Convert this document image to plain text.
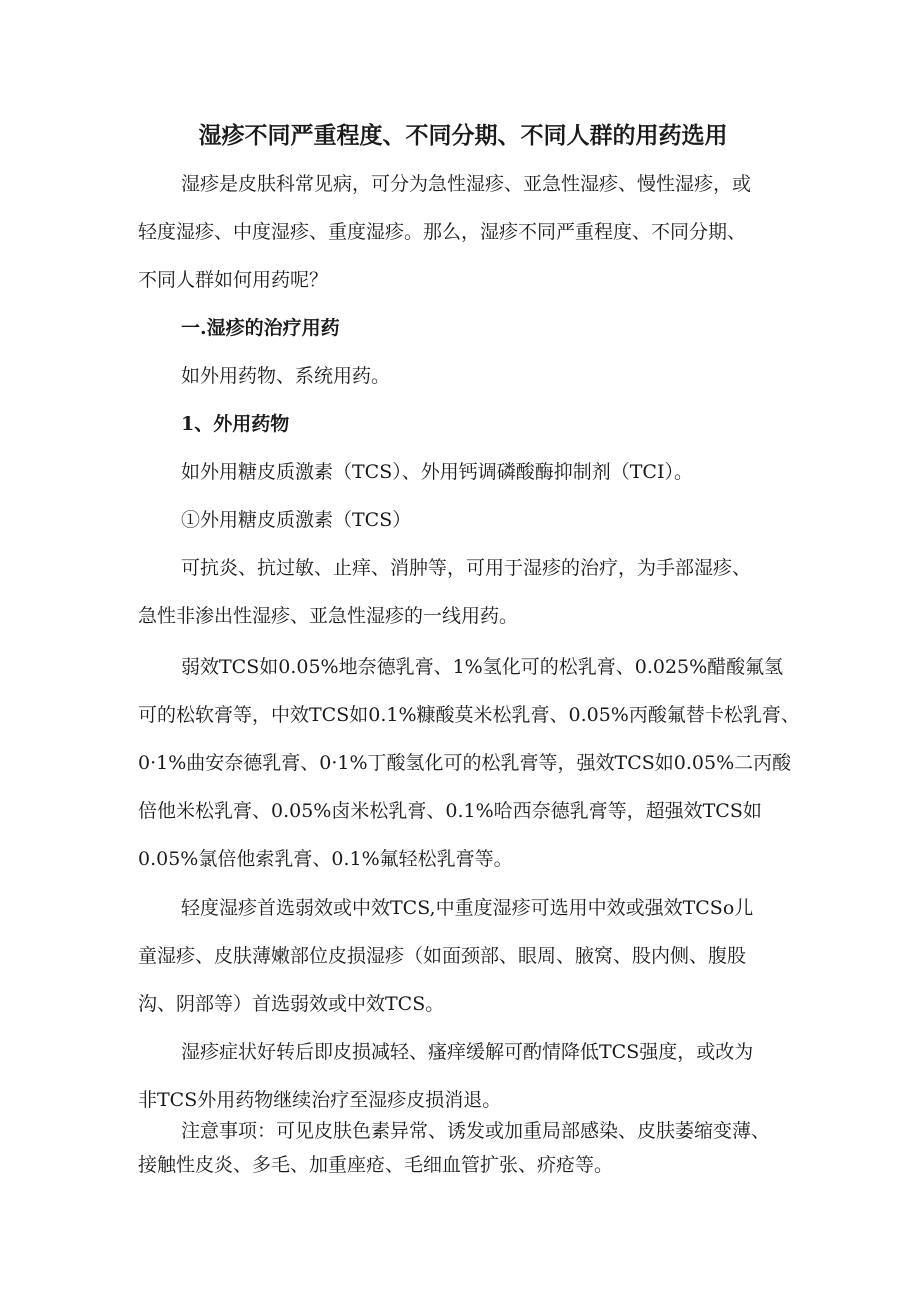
湿疹不同严重程度、不同分期、不同人群的用药选用

湿疹是皮肤科常见病，可分为急性湿疹、亚急性湿疹、慢性湿疹，或
轻度湿疹、中度湿疹、重度湿疹。那么，湿疹不同严重程度、不同分期、
不同人群如何用药呢？

一.湿疹的治疗用药

如外用药物、系统用药。

1、外用药物

如外用糖皮质激素（TCS）、外用钙调磷酸酶抑制剂（TCI）。

①外用糖皮质激素（TCS）

可抗炎、抗过敏、止痒、消肿等，可用于湿疹的治疗，为手部湿疹、
急性非渗出性湿疹、亚急性湿疹的一线用药。

弱效TCS如0.05%地奈德乳膏、1%氢化可的松乳膏、0.025%醋酸氟氢
可的松软膏等，中效TCS如0.1%糠酸莫米松乳膏、0.05%丙酸氟替卡松乳膏、
0·1%曲安奈德乳膏、0·1%丁酸氢化可的松乳膏等，强效TCS如0.05%二丙酸
倍他米松乳膏、0.05%卤米松乳膏、0.1%哈西奈德乳膏等，超强效TCS如
0.05%氯倍他索乳膏、0.1%氟轻松乳膏等。

轻度湿疹首选弱效或中效TCS,中重度湿疹可选用中效或强效TCSo儿
童湿疹、皮肤薄嫩部位皮损湿疹（如面颈部、眼周、腋窝、股内侧、腹股
沟、阴部等）首选弱效或中效TCS。

湿疹症状好转后即皮损减轻、瘙痒缓解可酌情降低TCS强度，或改为
非TCS外用药物继续治疗至湿疹皮损消退。

注意事项：可见皮肤色素异常、诱发或加重局部感染、皮肤萎缩变薄、
接触性皮炎、多毛、加重座疮、毛细血管扩张、疥疮等。
